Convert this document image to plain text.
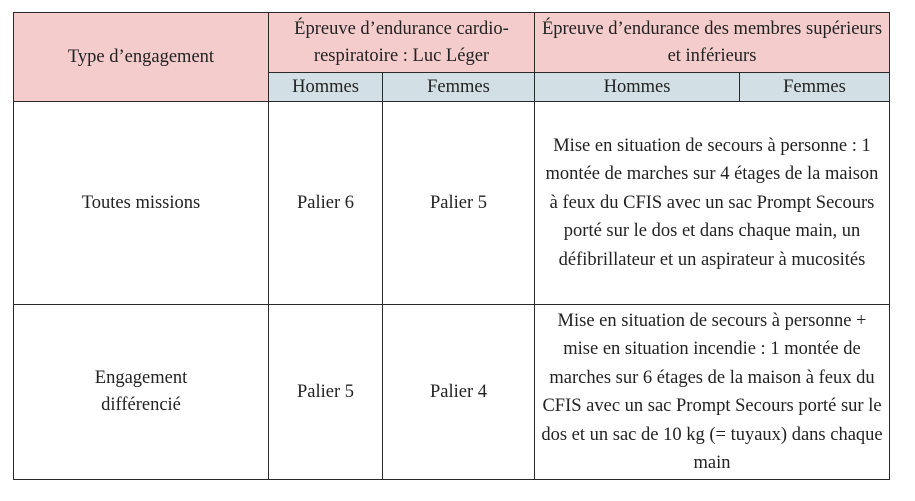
Type d’engagement	Épreuve d’endurance cardio-respiratoire : Luc Léger		Épreuve d’endurance des membres supérieurs et inférieurs	
	Hommes	Femmes	Hommes	Femmes
Toutes missions	Palier 6	Palier 5	Mise en situation de secours à personne : 1 montée de marches sur 4 étages de la maison à feux du CFIS avec un sac Prompt Secours porté sur le dos et dans chaque main, un défibrillateur et un aspirateur à mucosités	
Engagement différencié	Palier 5	Palier 4	Mise en situation de secours à personne + mise en situation incendie : 1 montée de marches sur 6 étages de la maison à feux du CFIS avec un sac Prompt Secours porté sur le dos et un sac de 10 kg (= tuyaux) dans chaque main	
